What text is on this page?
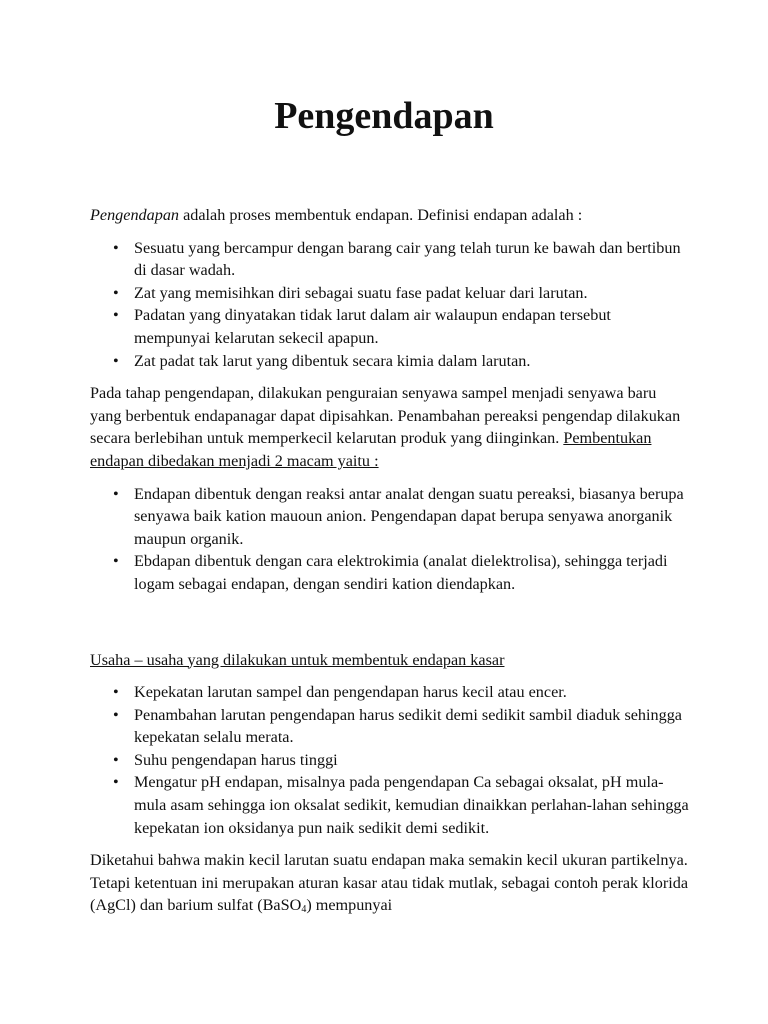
Pengendapan

Pengendapan adalah proses membentuk endapan. Definisi endapan adalah :

• Sesuatu yang bercampur dengan barang cair yang telah turun ke bawah dan bertibun di dasar wadah.
• Zat yang memisihkan diri sebagai suatu fase padat keluar dari larutan.
• Padatan yang dinyatakan tidak larut dalam air walaupun endapan tersebut mempunyai kelarutan sekecil apapun.
• Zat padat tak larut yang dibentuk secara kimia dalam larutan.

Pada tahap pengendapan, dilakukan penguraian senyawa sampel menjadi senyawa baru yang berbentuk endapanagar dapat dipisahkan. Penambahan pereaksi pengendap dilakukan secara berlebihan untuk memperkecil kelarutan produk yang diinginkan. Pembentukan endapan dibedakan menjadi 2 macam yaitu :

• Endapan dibentuk dengan reaksi antar analat dengan suatu pereaksi, biasanya berupa senyawa baik kation mauoun anion. Pengendapan dapat berupa senyawa anorganik maupun organik.
• Ebdapan dibentuk dengan cara elektrokimia (analat dielektrolisa), sehingga terjadi logam sebagai endapan, dengan sendiri kation diendapkan.

Usaha – usaha yang dilakukan untuk membentuk endapan kasar

• Kepekatan larutan sampel dan pengendapan harus kecil atau encer.
• Penambahan larutan pengendapan harus sedikit demi sedikit sambil diaduk sehingga kepekatan selalu merata.
• Suhu pengendapan harus tinggi
• Mengatur pH endapan, misalnya pada pengendapan Ca sebagai oksalat, pH mula-mula asam sehingga ion oksalat sedikit, kemudian dinaikkan perlahan-lahan sehingga kepekatan ion oksidanya pun naik sedikit demi sedikit.

Diketahui bahwa makin kecil larutan suatu endapan maka semakin kecil ukuran partikelnya. Tetapi ketentuan ini merupakan aturan kasar atau tidak mutlak, sebagai contoh perak klorida (AgCl) dan barium sulfat (BaSO$_4$) mempunyai
